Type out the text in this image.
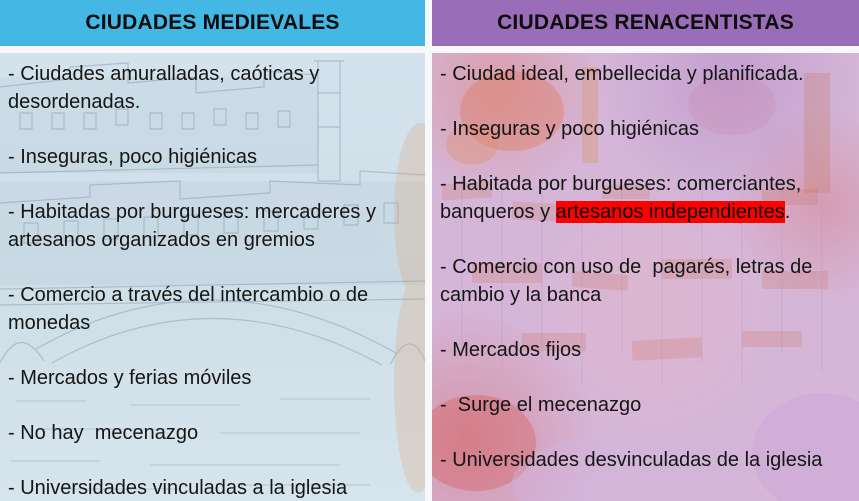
CIUDADES MEDIEVALES

- Ciudades amuralladas, caóticas y desordenadas.

- Inseguras, poco higiénicas

- Habitadas por burgueses: mercaderes y artesanos organizados en gremios

- Comercio a través del intercambio o de monedas

- Mercados y ferias móviles

- No hay  mecenazgo

- Universidades vinculadas a la iglesia

CIUDADES RENACENTISTAS

- Ciudad ideal, embellecida y planificada.

- Inseguras y poco higiénicas

- Habitada por burgueses: comerciantes, banqueros y artesanos independientes.

- Comercio con uso de  pagarés, letras de cambio y la banca

- Mercados fijos

-  Surge el mecenazgo

- Universidades desvinculadas de la iglesia
